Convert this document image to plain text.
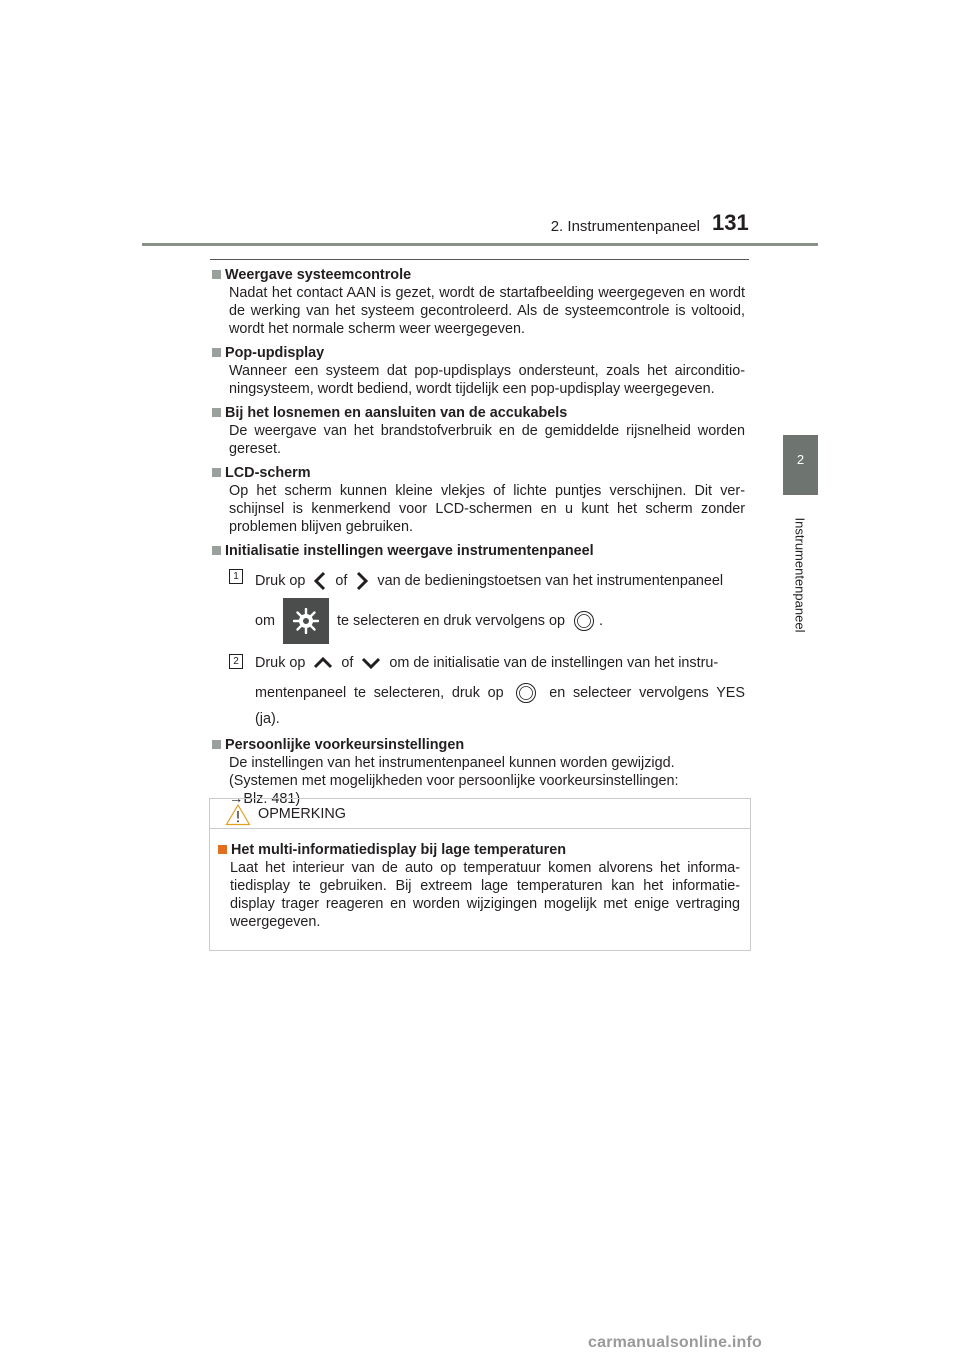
2. Instrumentenpaneel 131
2
Instrumentenpaneel
Weergave systeemcontrole
Nadat het contact AAN is gezet, wordt de startafbeelding weergegeven en wordt de werking van het systeem gecontroleerd. Als de systeemcontrole is voltooid, wordt het normale scherm weer weergegeven.
Pop-updisplay
Wanneer een systeem dat pop-updisplays ondersteunt, zoals het airconditio-ningsysteem, wordt bediend, wordt tijdelijk een pop-updisplay weergegeven.
Bij het losnemen en aansluiten van de accukabels
De weergave van het brandstofverbruik en de gemiddelde rijsnelheid worden gereset.
LCD-scherm
Op het scherm kunnen kleine vlekjes of lichte puntjes verschijnen. Dit ver-schijnsel is kenmerkend voor LCD-schermen en u kunt het scherm zonder problemen blijven gebruiken.
Initialisatie instellingen weergave instrumentenpaneel
1 Druk op of van de bedieningstoetsen van het instrumentenpaneel
om	te selecteren en druk vervolgens op .
2 Druk op	of	om de initialisatie van de instellingen van het instru-
mentenpaneel te selecteren, druk op	en selecteer vervolgens YES
(ja).
Persoonlijke voorkeursinstellingen
De instellingen van het instrumentenpaneel kunnen worden gewijzigd.
(Systemen met mogelijkheden voor persoonlijke voorkeursinstellingen:
→Blz. 481)
OPMERKING
Het multi-informatiedisplay bij lage temperaturen
Laat het interieur van de auto op temperatuur komen alvorens het informa-tiedisplay te gebruiken. Bij extreem lage temperaturen kan het informatie-display trager reageren en worden wijzigingen mogelijk met enige vertraging weergegeven.
carmanualsonline.info
